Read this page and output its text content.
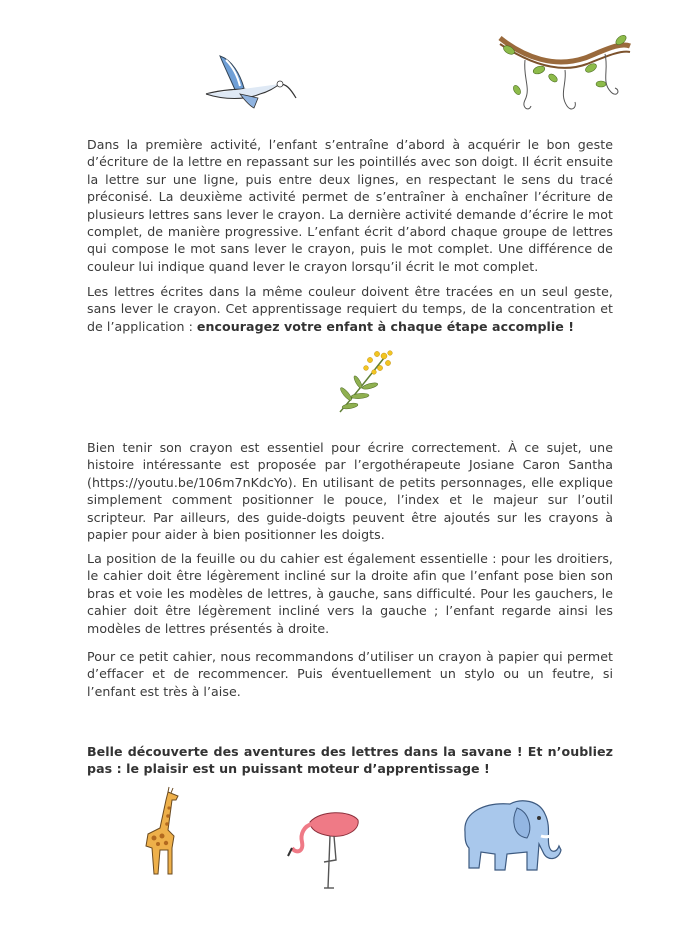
Dans la première activité, l’enfant s’entraîne d’abord à acquérir le bon geste d’écriture de la lettre en repassant sur les pointillés avec son doigt. Il écrit ensuite la lettre sur une ligne, puis entre deux lignes, en respectant le sens du tracé préconisé. La deuxième activité permet de s’entraîner à enchaîner l’écriture de plusieurs lettres sans lever le crayon. La dernière activité demande d’écrire le mot complet, de manière progressive. L’enfant écrit d’abord chaque groupe de lettres qui compose le mot sans lever le crayon, puis le mot complet. Une différence de couleur lui indique quand lever le crayon lorsqu’il écrit le mot complet.

Les lettres écrites dans la même couleur doivent être tracées en un seul geste, sans lever le crayon. Cet apprentissage requiert du temps, de la concentration et de l’application : encouragez votre enfant à chaque étape accomplie !

Bien tenir son crayon est essentiel pour écrire correctement. À ce sujet, une histoire intéressante est proposée par l’ergothérapeute Josiane Caron Santha (https://youtu.be/106m7nKdcYo). En utilisant de petits personnages, elle explique simplement comment positionner le pouce, l’index et le majeur sur l’outil scripteur. Par ailleurs, des guide-doigts peuvent être ajoutés sur les crayons à papier pour aider à bien positionner les doigts.

La position de la feuille ou du cahier est également essentielle : pour les droitiers, le cahier doit être légèrement incliné sur la droite afin que l’enfant pose bien son bras et voie les modèles de lettres, à gauche, sans difficulté. Pour les gauchers, le cahier doit être légèrement incliné vers la gauche ; l’enfant regarde ainsi les modèles de lettres présentés à droite.

Pour ce petit cahier, nous recommandons d’utiliser un crayon à papier qui permet d’effacer et de recommencer. Puis éventuellement un stylo ou un feutre, si l’enfant est très à l’aise.

Belle découverte des aventures des lettres dans la savane ! Et n’oubliez pas : le plaisir est un puissant moteur d’apprentissage !
